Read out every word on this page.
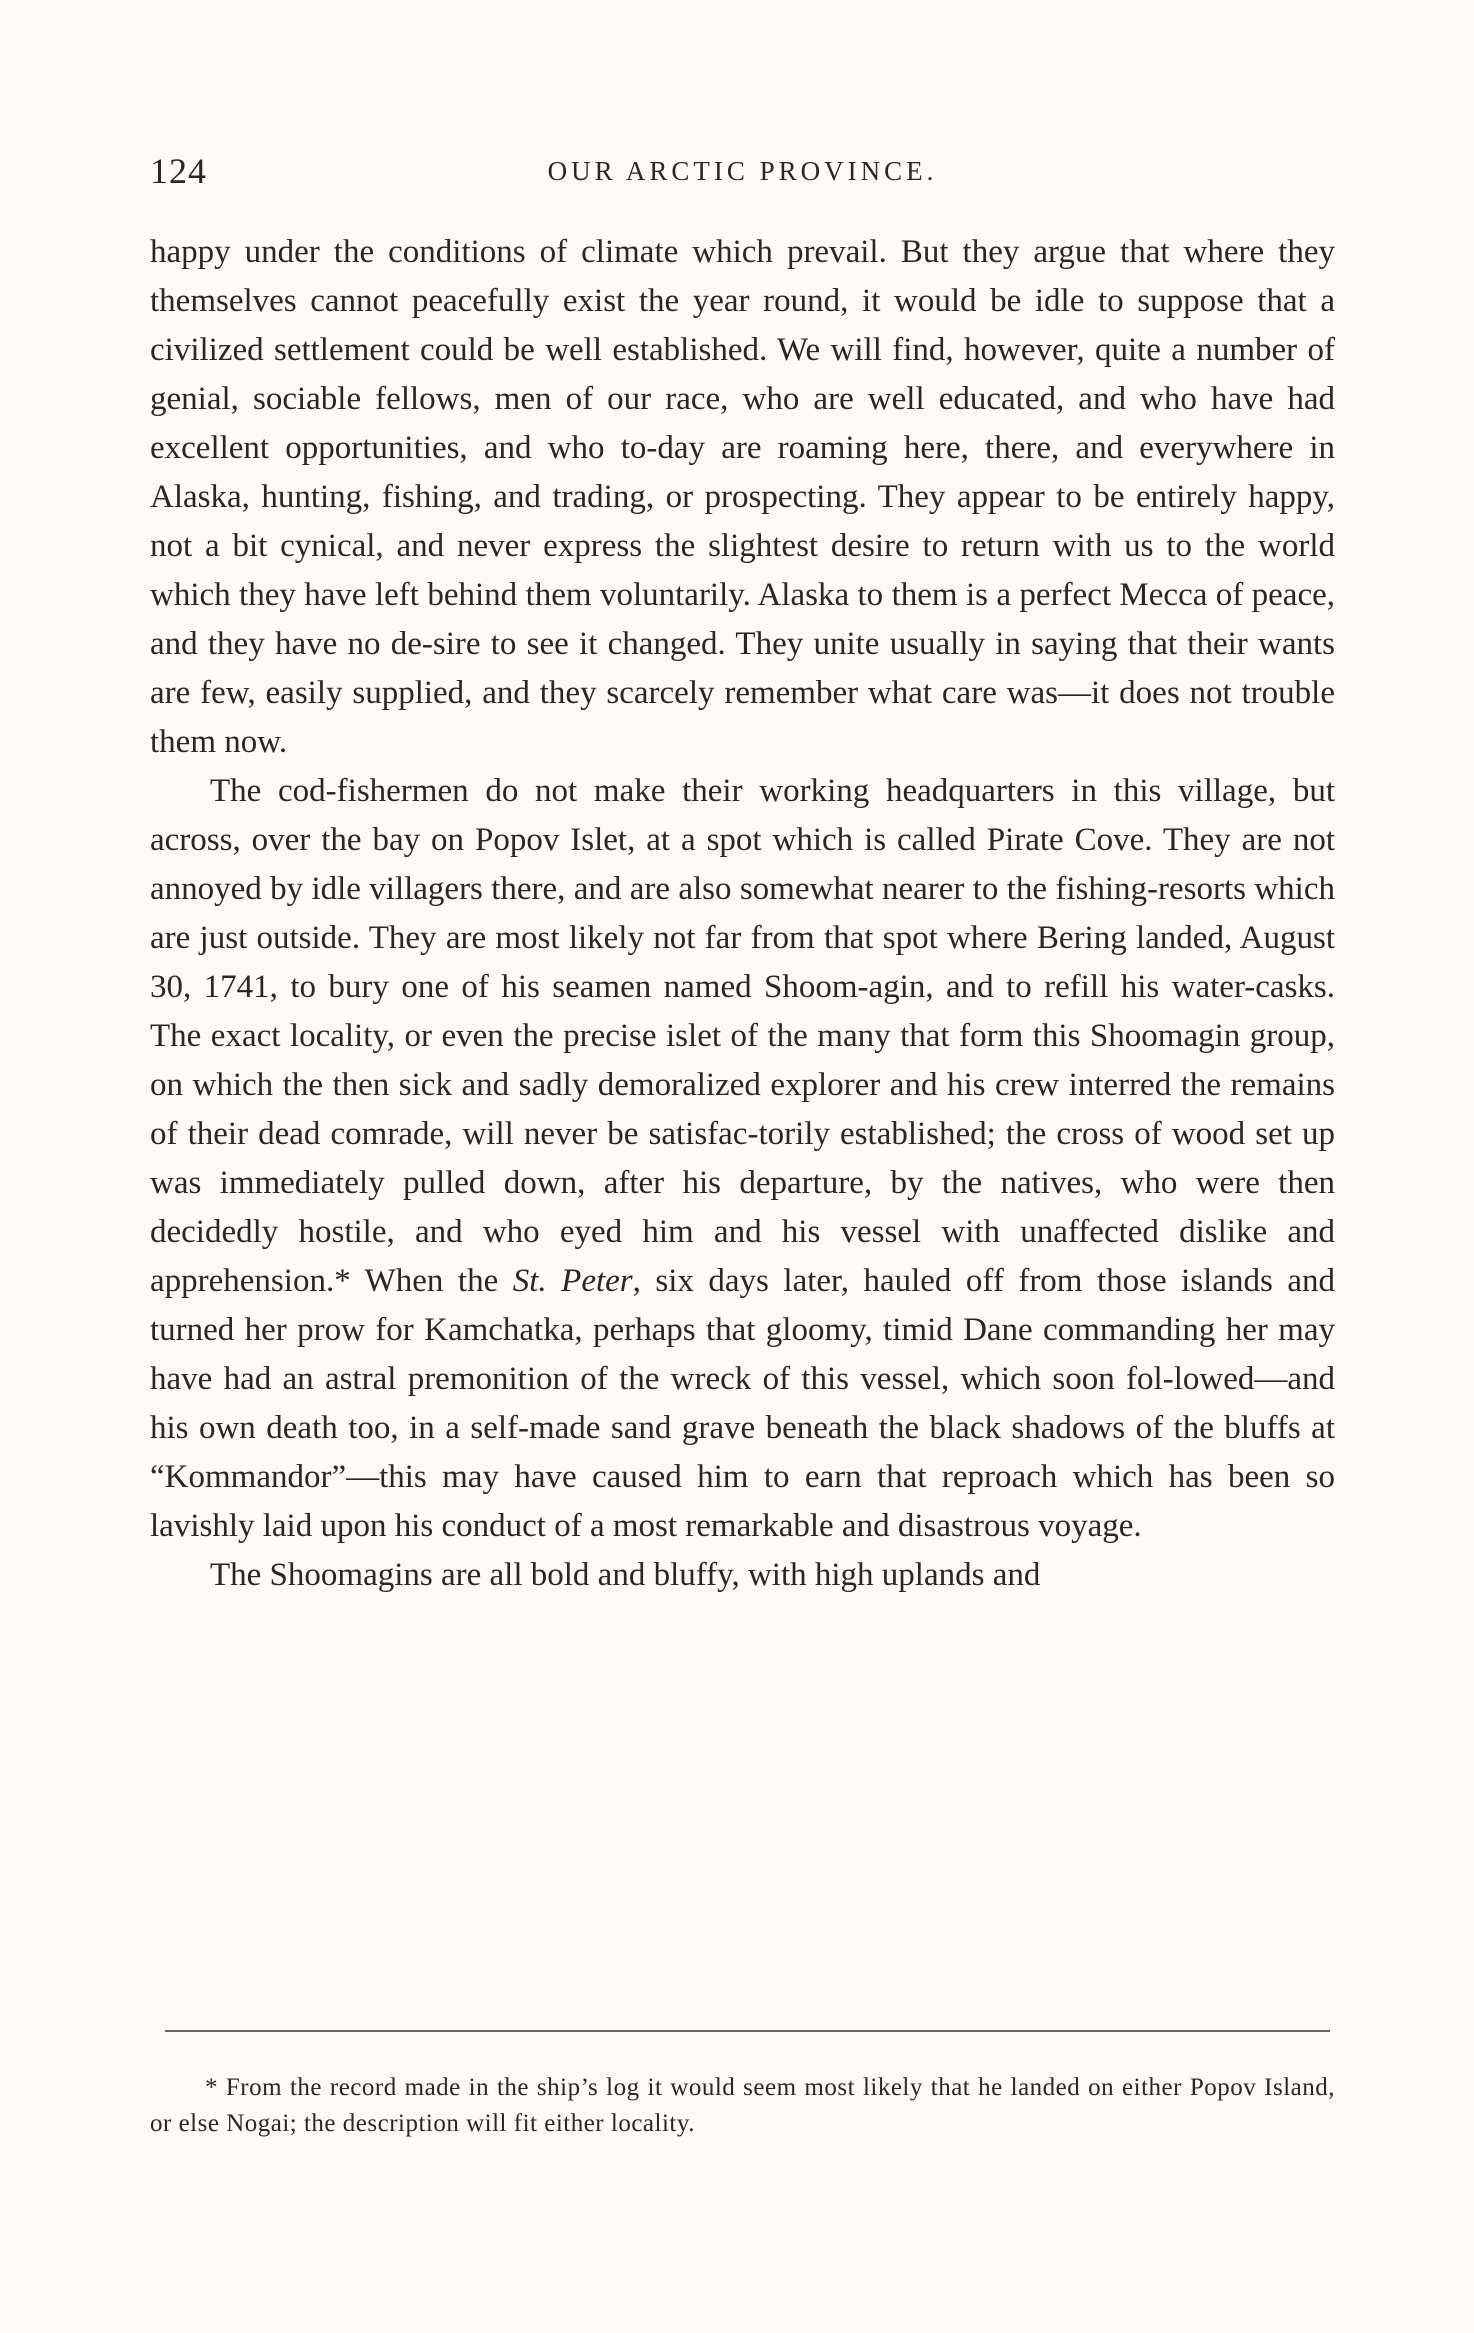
124	OUR ARCTIC PROVINCE.

happy under the conditions of climate which prevail. But they argue that where they themselves cannot peacefully exist the year round, it would be idle to suppose that a civilized settlement could be well established. We will find, however, quite a number of genial, sociable fellows, men of our race, who are well educated, and who have had excellent opportunities, and who to-day are roaming here, there, and everywhere in Alaska, hunting, fishing, and trading, or prospecting. They appear to be entirely happy, not a bit cynical, and never express the slightest desire to return with us to the world which they have left behind them voluntarily. Alaska to them is a perfect Mecca of peace, and they have no de-sire to see it changed. They unite usually in saying that their wants are few, easily supplied, and they scarcely remember what care was—it does not trouble them now.

The cod-fishermen do not make their working headquarters in this village, but across, over the bay on Popov Islet, at a spot which is called Pirate Cove. They are not annoyed by idle villagers there, and are also somewhat nearer to the fishing-resorts which are just outside. They are most likely not far from that spot where Bering landed, August 30, 1741, to bury one of his seamen named Shoom-agin, and to refill his water-casks. The exact locality, or even the precise islet of the many that form this Shoomagin group, on which the then sick and sadly demoralized explorer and his crew interred the remains of their dead comrade, will never be satisfac-torily established; the cross of wood set up was immediately pulled down, after his departure, by the natives, who were then decidedly hostile, and who eyed him and his vessel with unaffected dislike and apprehension.* When the St. Peter, six days later, hauled off from those islands and turned her prow for Kamchatka, perhaps that gloomy, timid Dane commanding her may have had an astral premonition of the wreck of this vessel, which soon fol-lowed—and his own death too, in a self-made sand grave beneath the black shadows of the bluffs at “Kommandor”—this may have caused him to earn that reproach which has been so lavishly laid upon his conduct of a most remarkable and disastrous voyage.

The Shoomagins are all bold and bluffy, with high uplands and

* From the record made in the ship’s log it would seem most likely that he landed on either Popov Island, or else Nogai; the description will fit either locality.
